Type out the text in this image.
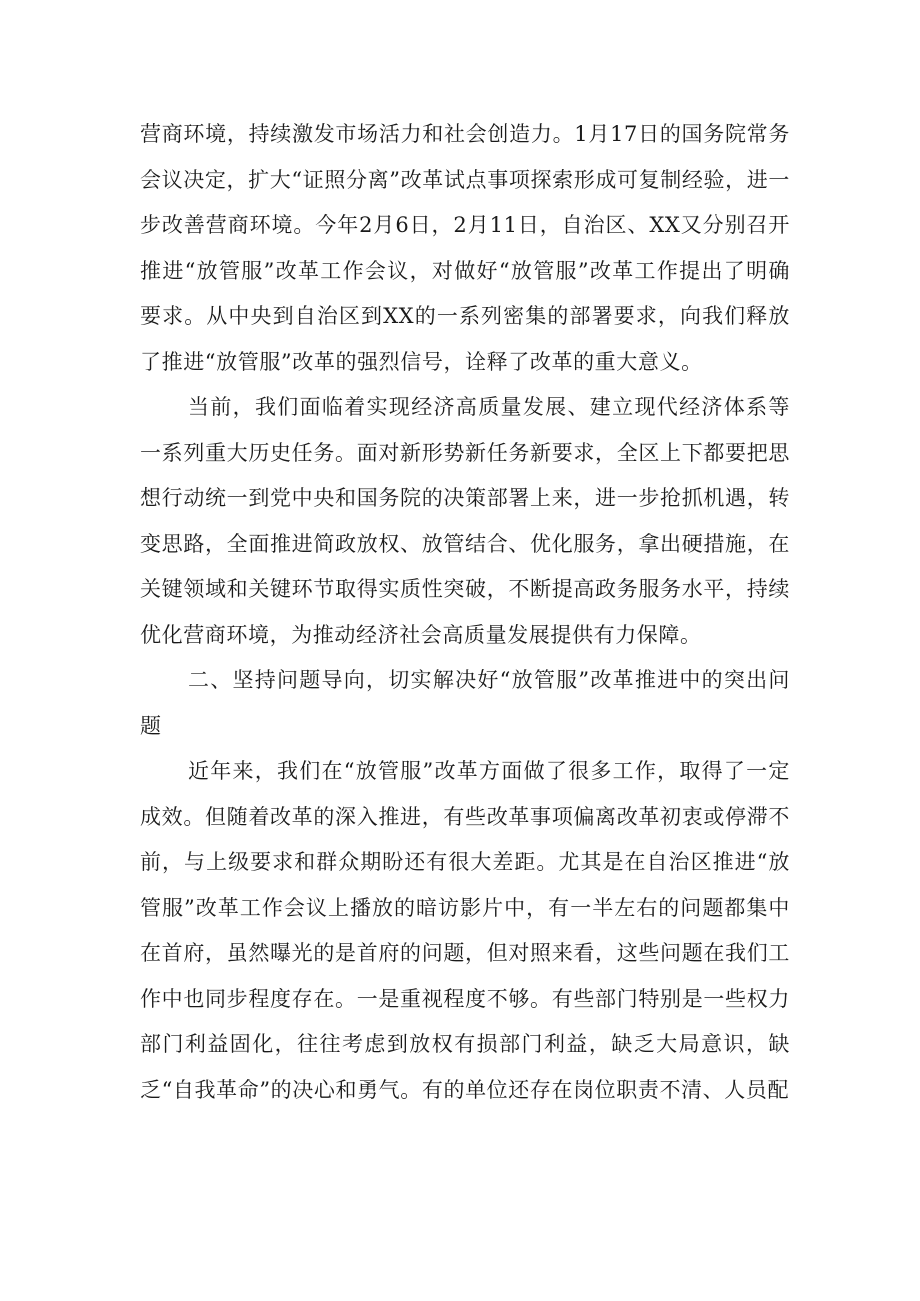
营商环境，持续激发市场活力和社会创造力。1月17日的国务院常务会议决定，扩大“证照分离”改革试点事项探索形成可复制经验，进一步改善营商环境。今年2月6日，2月11日，自治区、XX又分别召开推进“放管服”改革工作会议，对做好“放管服”改革工作提出了明确要求。从中央到自治区到XX的一系列密集的部署要求，向我们释放了推进“放管服”改革的强烈信号，诠释了改革的重大意义。

当前，我们面临着实现经济高质量发展、建立现代经济体系等一系列重大历史任务。面对新形势新任务新要求，全区上下都要把思想行动统一到党中央和国务院的决策部署上来，进一步抢抓机遇，转变思路，全面推进简政放权、放管结合、优化服务，拿出硬措施，在关键领域和关键环节取得实质性突破，不断提高政务服务水平，持续优化营商环境，为推动经济社会高质量发展提供有力保障。

二、坚持问题导向，切实解决好“放管服”改革推进中的突出问题

近年来，我们在“放管服”改革方面做了很多工作，取得了一定成效。但随着改革的深入推进，有些改革事项偏离改革初衷或停滞不前，与上级要求和群众期盼还有很大差距。尤其是在自治区推进“放管服”改革工作会议上播放的暗访影片中，有一半左右的问题都集中在首府，虽然曝光的是首府的问题，但对照来看，这些问题在我们工作中也同步程度存在。一是重视程度不够。有些部门特别是一些权力部门利益固化，往往考虑到放权有损部门利益，缺乏大局意识，缺乏“自我革命”的决心和勇气。有的单位还存在岗位职责不清、人员配
